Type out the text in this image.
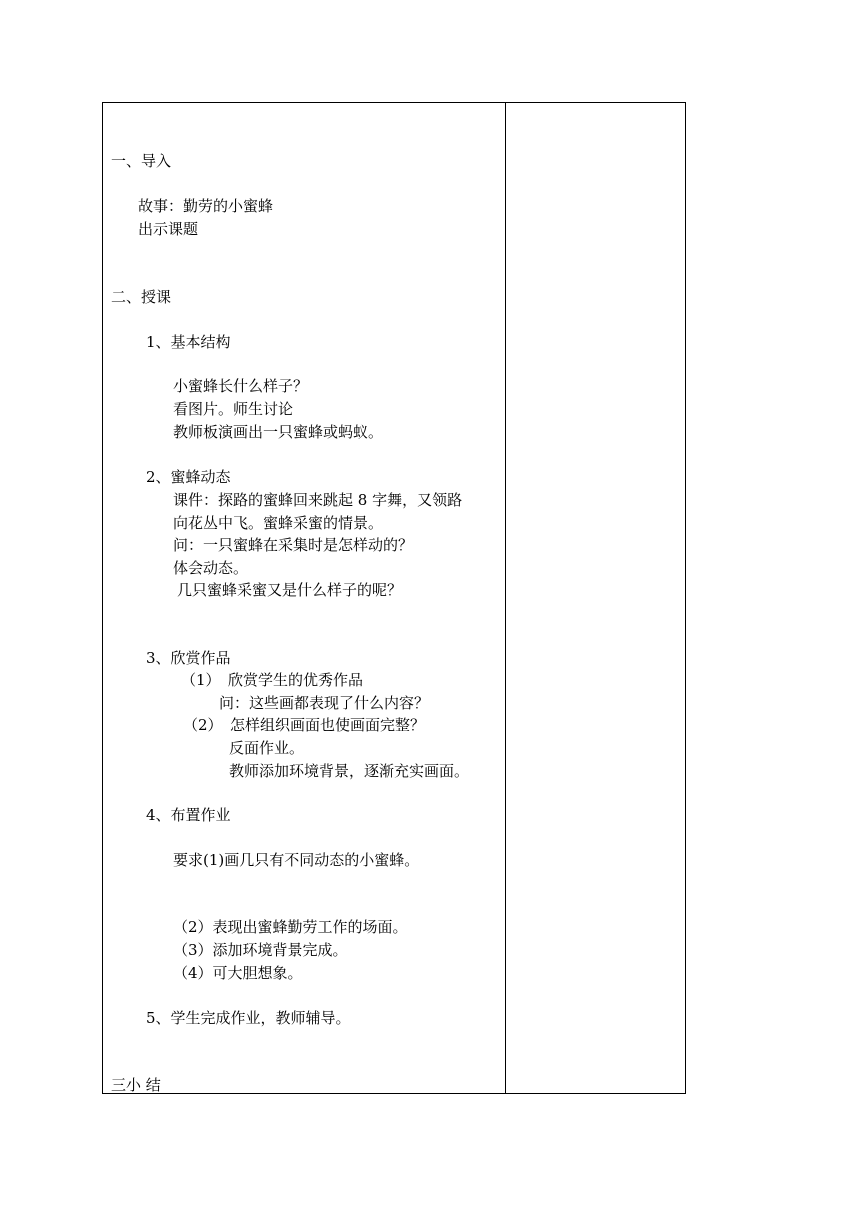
一、导入
故事：勤劳的小蜜蜂
出示课题
二、授课
1、基本结构
小蜜蜂长什么样子？
看图片。师生讨论
教师板演画出一只蜜蜂或蚂蚁。
2、蜜蜂动态
课件：探路的蜜蜂回来跳起 8 字舞，又领路
向花丛中飞。蜜蜂采蜜的情景。
问：一只蜜蜂在采集时是怎样动的？
体会动态。
几只蜜蜂采蜜又是什么样子的呢？
3、欣赏作品
（1）　欣赏学生的优秀作品
问：这些画都表现了什么内容？
（2）　怎样组织画面也使画面完整？
反面作业。
教师添加环境背景，逐渐充实画面。
4、布置作业
要求(1)画几只有不同动态的小蜜蜂。
（2）表现出蜜蜂勤劳工作的场面。
（3）添加环境背景完成。
（4）可大胆想象。
5、学生完成作业，教师辅导。
三小 结
